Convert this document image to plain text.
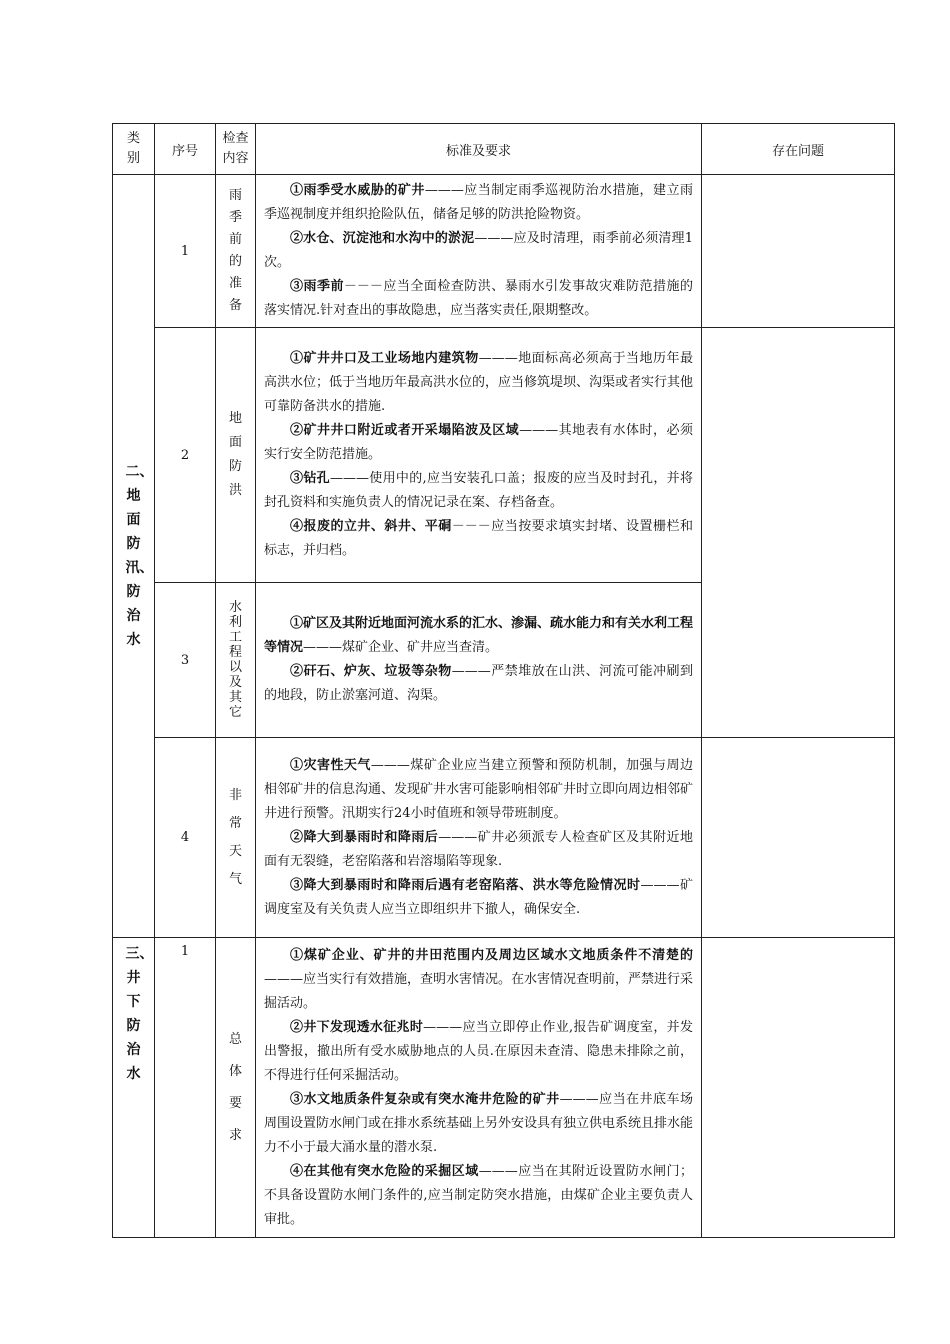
类别	序号	检查内容	标准及要求	存在问题

二、地面防汛、防治水	1	雨季前的准备	①雨季受水威胁的矿井———应当制定雨季巡视防治水措施，建立雨季巡视制度并组织抢险队伍，储备足够的防洪抢险物资。

②水仓、沉淀池和水沟中的淤泥———应及时清理，雨季前必须清理1次。

③雨季前－－－应当全面检查防洪、暴雨水引发事故灾难防范措施的落实情况.针对查出的事故隐患，应当落实责任,限期整改。	

	2	地面防洪	①矿井井口及工业场地内建筑物———地面标高必须高于当地历年最高洪水位；低于当地历年最高洪水位的，应当修筑堤坝、沟渠或者实行其他可靠防备洪水的措施.

②矿井井口附近或者开采塌陷波及区域———其地表有水体时，必须实行安全防范措施。

③钻孔———使用中的,应当安装孔口盖；报废的应当及时封孔，并将封孔资料和实施负责人的情况记录在案、存档备查。

④报废的立井、斜井、平硐－－－应当按要求填实封堵、设置栅栏和标志，并归档。	

	3	水利工程以及其它	①矿区及其附近地面河流水系的汇水、渗漏、疏水能力和有关水利工程等情况———煤矿企业、矿井应当查清。

②矸石、炉灰、垃圾等杂物———严禁堆放在山洪、河流可能冲刷到的地段，防止淤塞河道、沟渠。	

	4	非常天气	①灾害性天气———煤矿企业应当建立预警和预防机制，加强与周边相邻矿井的信息沟通、发现矿井水害可能影响相邻矿井时立即向周边相邻矿井进行预警。汛期实行24小时值班和领导带班制度。

②降大到暴雨时和降雨后———矿井必须派专人检查矿区及其附近地面有无裂缝，老窑陷落和岩溶塌陷等现象.

③降大到暴雨时和降雨后遇有老窑陷落、洪水等危险情况时———矿调度室及有关负责人应当立即组织井下撤人，确保安全.	

三、井下防治水	1	总体要求	①煤矿企业、矿井的井田范围内及周边区域水文地质条件不清楚的———应当实行有效措施，查明水害情况。在水害情况查明前，严禁进行采掘活动。

②井下发现透水征兆时———应当立即停止作业,报告矿调度室，并发出警报，撤出所有受水威胁地点的人员.在原因未查清、隐患未排除之前，不得进行任何采掘活动。

③水文地质条件复杂或有突水淹井危险的矿井———应当在井底车场周围设置防水闸门或在排水系统基础上另外安设具有独立供电系统且排水能力不小于最大涌水量的潜水泵.

④在其他有突水危险的采掘区域———应当在其附近设置防水闸门；不具备设置防水闸门条件的,应当制定防突水措施，由煤矿企业主要负责人审批。	
